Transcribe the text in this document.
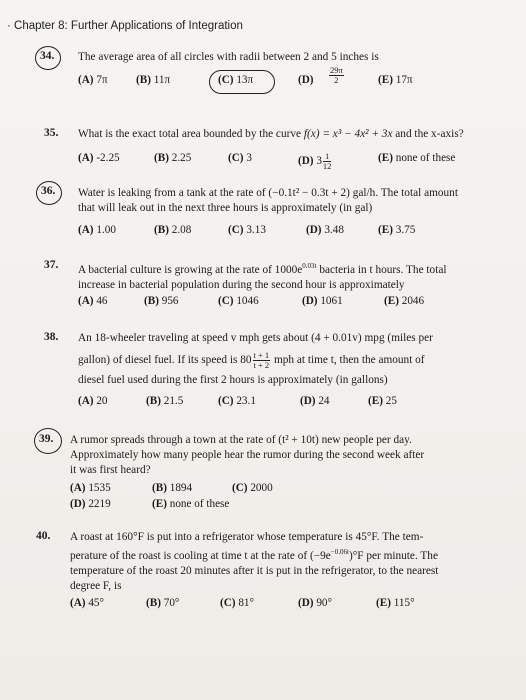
· Chapter 8: Further Applications of Integration
34. The average area of all circles with radii between 2 and 5 inches is
(A) 7π	(B) 11π	(C) 13π	$(D) \frac{29\pi}{2}$	(E) 17π
35. What is the exact total area bounded by the curve f(x) = x³ − 4x² + 3x and the x-axis?
(A) -2.25	(B) 2.25	(C) 3	(D) $3 \frac{1}{12}$	(E) none of these
36. Water is leaking from a tank at the rate of (−0.1t² − 0.3t + 2) gal/h. The total amount
that will leak out in the next three hours is approximately (in gal)
(A) 1.00	(B) 2.08	(C) 3.13	(D) 3.48	(E) 3.75
37. A bacterial culture is growing at the rate of $1000e^{0.03t}$ bacteria in t hours. The total
increase in bacterial population during the second hour is approximately
(A) 46	(B) 956	(C) 1046	(D) 1061	(E) 2046
38. An 18-wheeler traveling at speed v mph gets about (4 + 0.01v) mpg (miles per
gallon) of diesel fuel. If its speed is $80 \frac{t + 1}{t + 2}$ mph at time t, then the amount of
diesel fuel used during the first 2 hours is approximately (in gallons)
(A) 20	(B) 21.5	(C) 23.1	(D) 24	(E) 25
39. A rumor spreads through a town at the rate of (t² + 10t) new people per day.
Approximately how many people hear the rumor during the second week after
it was first heard?
(A) 1535	(B) 1894	(C) 2000
(D) 2219	(E) none of these
40. A roast at 160°F is put into a refrigerator whose temperature is 45°F. The tem-
perature of the roast is cooling at time t at the rate of $(-9e^{-0.06t})^\circ F$ per minute. The
temperature of the roast 20 minutes after it is put in the refrigerator, to the nearest
degree F, is
(A) 45°	(B) 70°	(C) 81°	(D) 90°	(E) 115°
